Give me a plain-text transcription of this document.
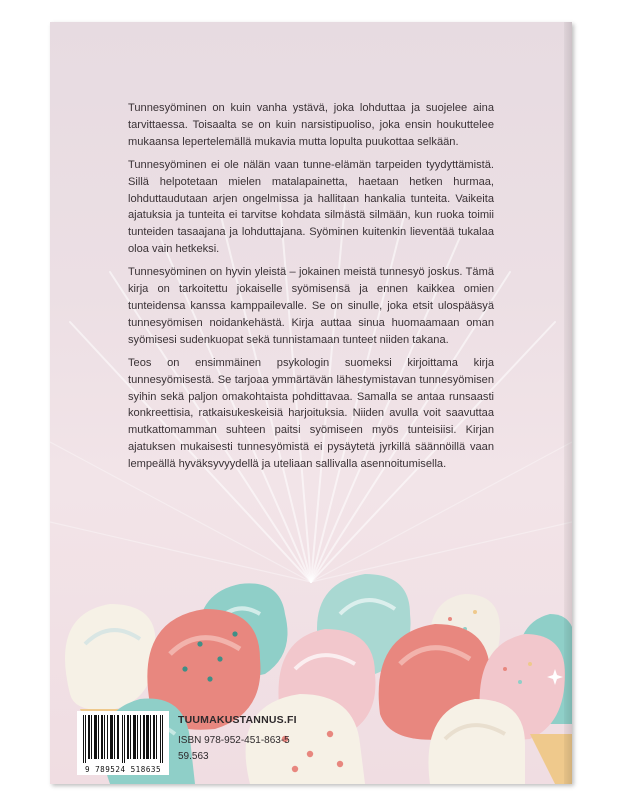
Tunnesyöminen on kuin vanha ystävä, joka lohduttaa ja suojelee aina tarvittaessa. Toisaalta se on kuin narsistipuoliso, joka ensin houkuttelee mukaansa lepertelemällä mukavia mutta lopulta puukottaa selkään.

Tunnesyöminen ei ole nälän vaan tunne-elämän tarpeiden tyydyttämistä. Sillä helpotetaan mielen matalapainetta, haetaan hetken hurmaa, lohduttaudutaan arjen ongelmissa ja hallitaan hankalia tunteita. Vaikeita ajatuksia ja tunteita ei tarvitse kohdata silmästä silmään, kun ruoka toimii tunteiden tasaajana ja lohduttajana. Syöminen kuitenkin lieventää tukalaa oloa vain hetkeksi.

Tunnesyöminen on hyvin yleistä – jokainen meistä tunnesyö joskus. Tämä kirja on tarkoitettu jokaiselle syömisensä ja ennen kaikkea omien tunteidensa kanssa kamppailevalle. Se on sinulle, joka etsit ulospääsyä tunnesyömisen noidankehästä. Kirja auttaa sinua huomaamaan oman syömisesi sudenkuopat sekä tunnistamaan tunteet niiden takana.

Teos on ensimmäinen psykologin suomeksi kirjoittama kirja tunnesyömisestä. Se tarjoaa ymmärtävän lähestymistavan tunnesyömisen syihin sekä paljon omakohtaista pohdittavaa. Samalla se antaa runsaasti konkreettisia, ratkaisukeskeisiä harjoituksia. Niiden avulla voit saavuttaa mutkattomamman suhteen paitsi syömiseen myös tunteisiisi. Kirjan ajatuksen mukaisesti tunnesyömistä ei pysäytetä jyrkillä säännöillä vaan lempeällä hyväksyvyydellä ja uteliaan sallivalla asennoitumisella.

9 789524 518635
TUUMAKUSTANNUS.FI
ISBN 978-952-451-863-5
59.563
